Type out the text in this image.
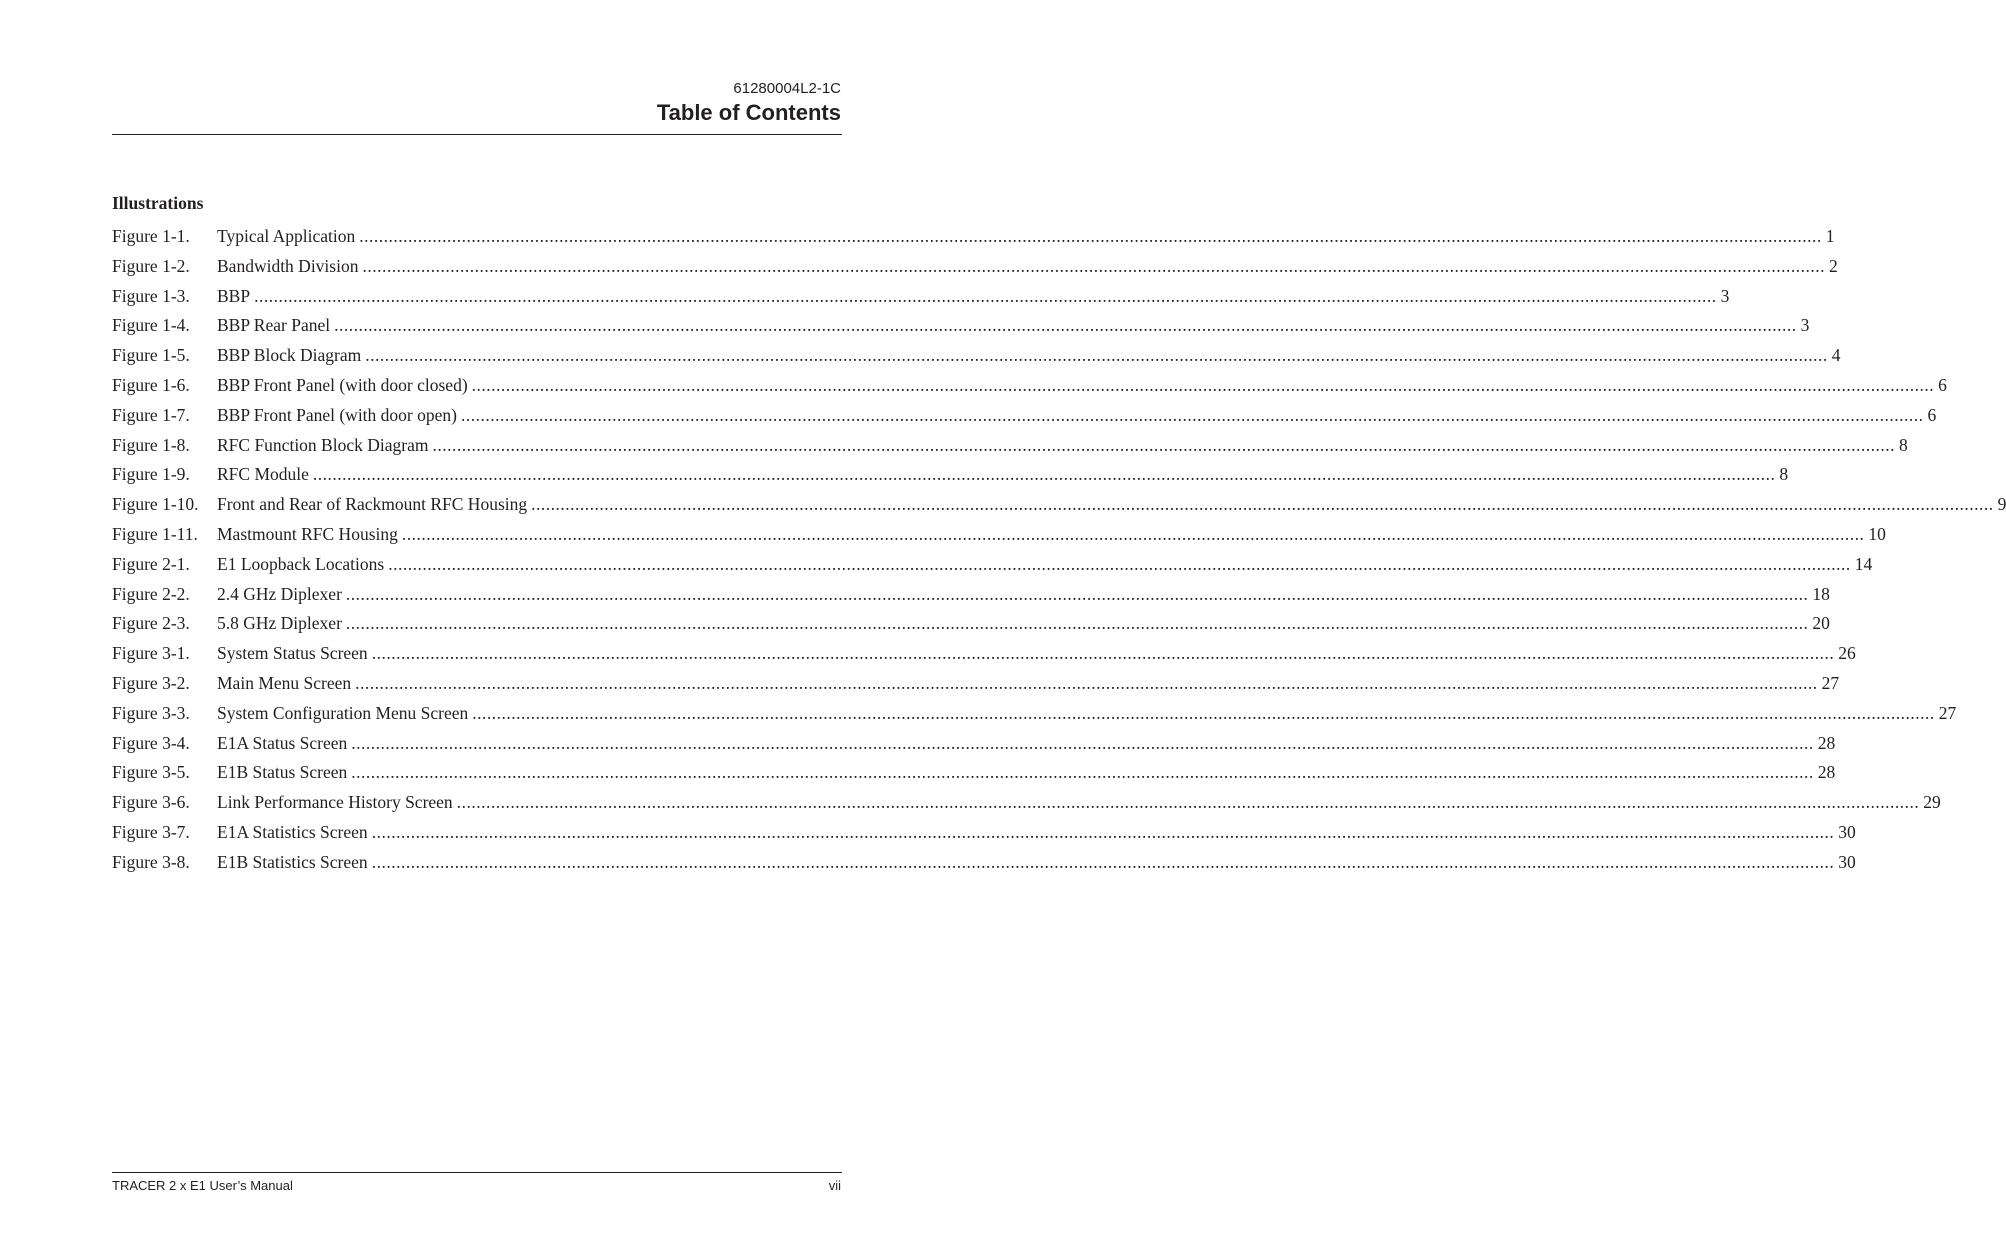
61280004L2-1C
Table of Contents
Illustrations
Figure 1-1.	Typical Application ............................................................................................................................................................................................................................................................................................................ 1
Figure 1-2.	Bandwidth Division ............................................................................................................................................................................................................................................................................................................ 2
Figure 1-3.	BBP ............................................................................................................................................................................................................................................................................................................ 3
Figure 1-4.	BBP Rear Panel ............................................................................................................................................................................................................................................................................................................ 3
Figure 1-5.	BBP Block Diagram ............................................................................................................................................................................................................................................................................................................ 4
Figure 1-6.	BBP Front Panel (with door closed) ............................................................................................................................................................................................................................................................................................................ 6
Figure 1-7.	BBP Front Panel (with door open) ............................................................................................................................................................................................................................................................................................................ 6
Figure 1-8.	RFC Function Block Diagram ............................................................................................................................................................................................................................................................................................................ 8
Figure 1-9.	RFC Module ............................................................................................................................................................................................................................................................................................................ 8
Figure 1-10.	Front and Rear of Rackmount RFC Housing ............................................................................................................................................................................................................................................................................................................ 9
Figure 1-11.	Mastmount RFC Housing ............................................................................................................................................................................................................................................................................................................ 10
Figure 2-1.	E1 Loopback Locations ............................................................................................................................................................................................................................................................................................................ 14
Figure 2-2.	2.4 GHz Diplexer ............................................................................................................................................................................................................................................................................................................ 18
Figure 2-3.	5.8 GHz Diplexer ............................................................................................................................................................................................................................................................................................................ 20
Figure 3-1.	System Status Screen ............................................................................................................................................................................................................................................................................................................ 26
Figure 3-2.	Main Menu Screen ............................................................................................................................................................................................................................................................................................................ 27
Figure 3-3.	System Configuration Menu Screen ............................................................................................................................................................................................................................................................................................................ 27
Figure 3-4.	E1A Status Screen ............................................................................................................................................................................................................................................................................................................ 28
Figure 3-5.	E1B Status Screen ............................................................................................................................................................................................................................................................................................................ 28
Figure 3-6.	Link Performance History Screen ............................................................................................................................................................................................................................................................................................................ 29
Figure 3-7.	E1A Statistics Screen ............................................................................................................................................................................................................................................................................................................ 30
Figure 3-8.	E1B Statistics Screen ............................................................................................................................................................................................................................................................................................................ 30
TRACER 2 x E1 User’s Manual	vii
